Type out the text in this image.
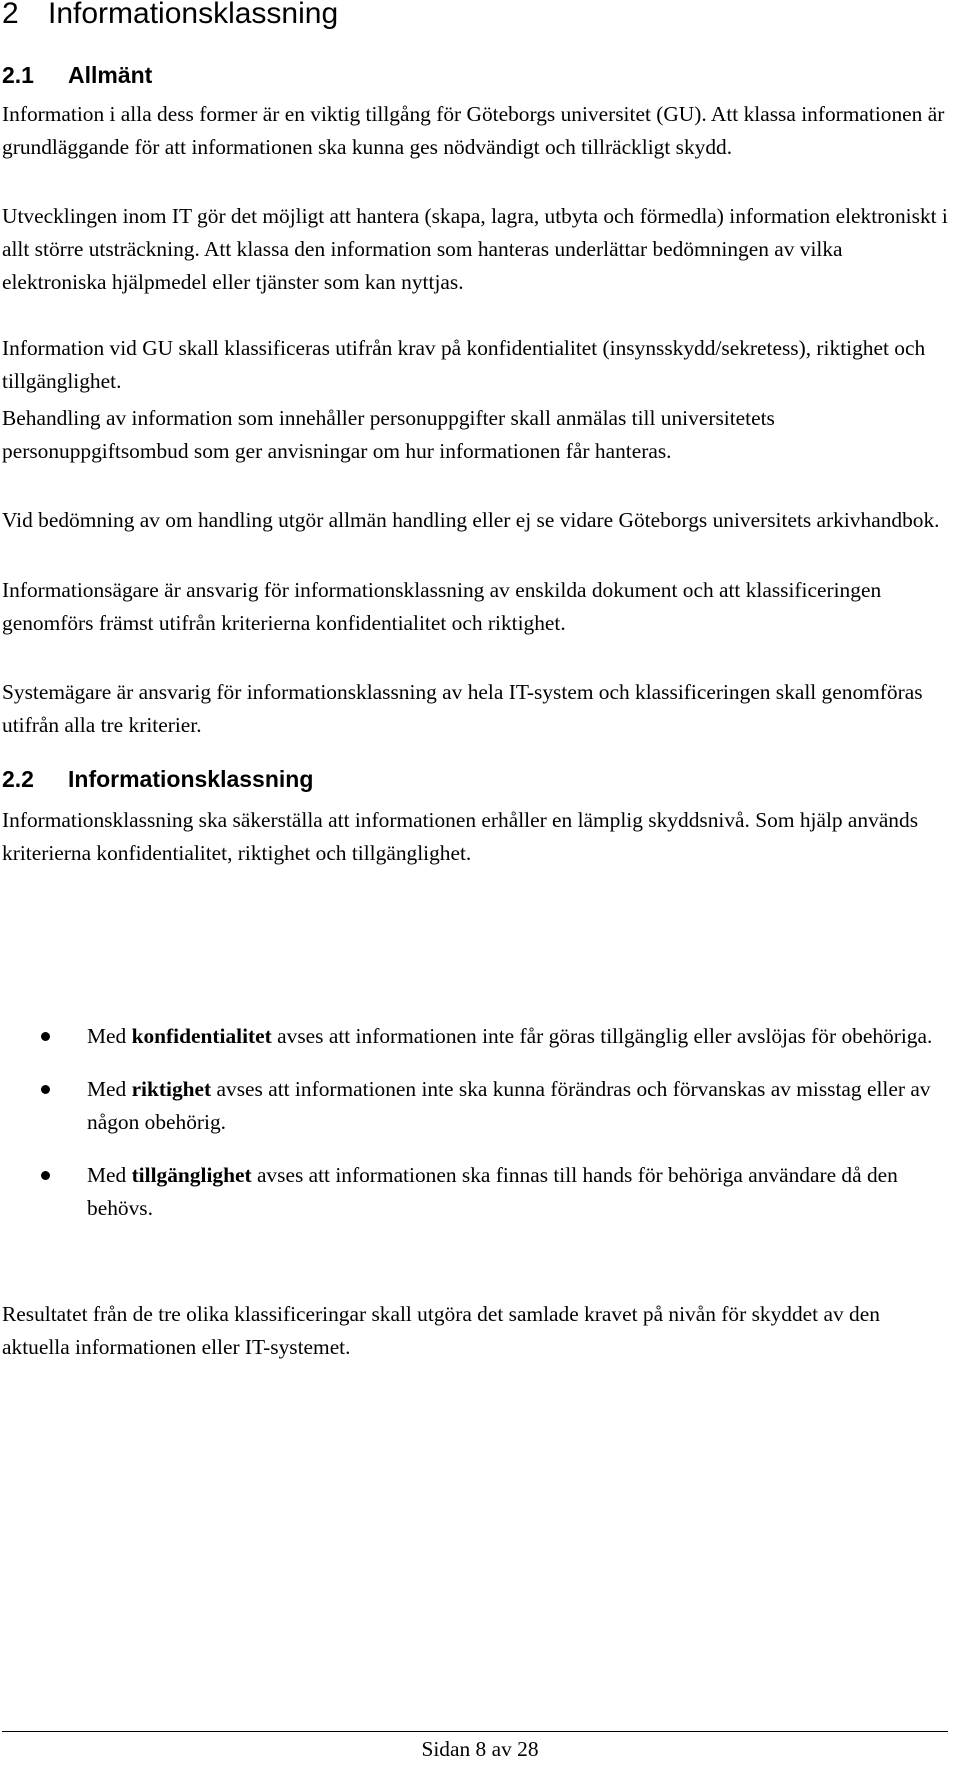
2 Informationsklassning
2.1 Allmänt

Information i alla dess former är en viktig tillgång för Göteborgs universitet (GU). Att klassa informationen är grundläggande för att informationen ska kunna ges nödvändigt och tillräckligt skydd.

Utvecklingen inom IT gör det möjligt att hantera (skapa, lagra, utbyta och förmedla) information elektroniskt i allt större utsträckning. Att klassa den information som hanteras underlättar bedömningen av vilka elektroniska hjälpmedel eller tjänster som kan nyttjas.

Information vid GU skall klassificeras utifrån krav på konfidentialitet (insynsskydd/sekretess), riktighet och tillgänglighet.

Behandling av information som innehåller personuppgifter skall anmälas till universitetets personuppgiftsombud som ger anvisningar om hur informationen får hanteras.

Vid bedömning av om handling utgör allmän handling eller ej se vidare Göteborgs universitets arkivhandbok.

Informationsägare är ansvarig för informationsklassning av enskilda dokument och att klassificeringen genomförs främst utifrån kriterierna konfidentialitet och riktighet.

Systemägare är ansvarig för informationsklassning av hela IT-system och klassificeringen skall genomföras utifrån alla tre kriterier.

2.2 Informationsklassning

Informationsklassning ska säkerställa att informationen erhåller en lämplig skyddsnivå. Som hjälp används kriterierna konfidentialitet, riktighet och tillgänglighet.

Med konfidentialitet avses att informationen inte får göras tillgänglig eller avslöjas för obehöriga.
Med riktighet avses att informationen inte ska kunna förändras och förvanskas av misstag eller av någon obehörig.
Med tillgänglighet avses att informationen ska finnas till hands för behöriga användare då den behövs.

Resultatet från de tre olika klassificeringar skall utgöra det samlade kravet på nivån för skyddet av den aktuella informationen eller IT-systemet.

Sidan 8 av 28
